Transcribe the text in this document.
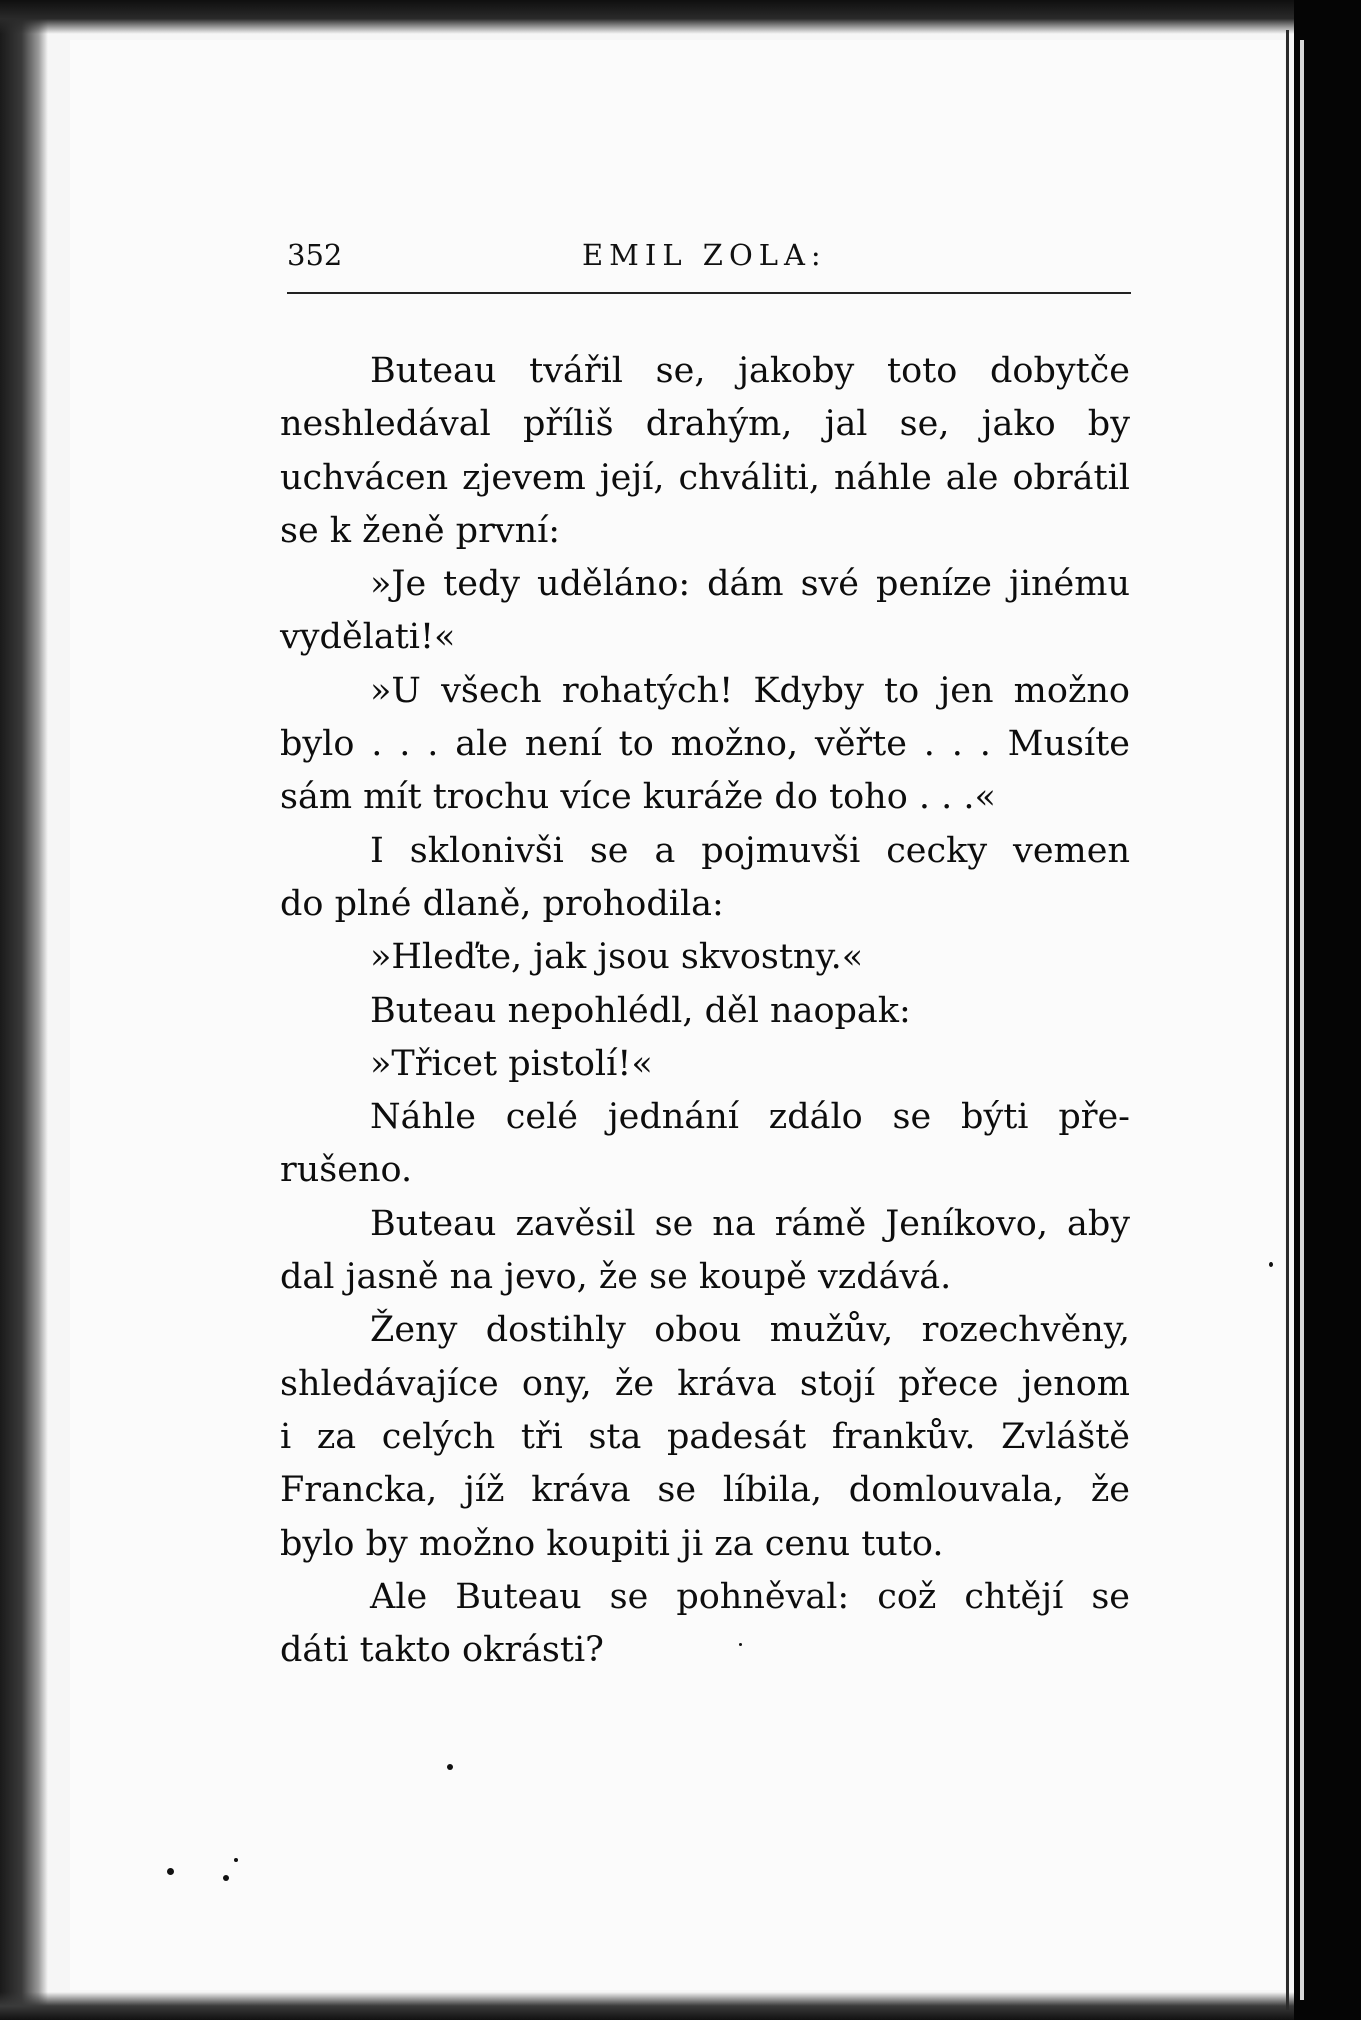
352	EMIL ZOLA:
Buteau tvářil se, jakoby toto dobytče
neshledával příliš drahým, jal se, jako by
uchvácen zjevem její, chváliti, náhle ale obrátil
se k ženě první:
»Je tedy uděláno: dám své peníze jinému
vydělati!«
»U všech rohatých! Kdyby to jen možno
bylo . . . ale není to možno, věřte . . . Musíte
sám mít trochu více kuráže do toho . . .«
I sklonivši se a pojmuvši cecky vemen
do plné dlaně, prohodila:
»Hleďte, jak jsou skvostny.«
Buteau nepohlédl, děl naopak:
»Třicet pistolí!«
Náhle celé jednání zdálo se býti pře-
rušeno.
Buteau zavěsil se na rámě Jeníkovo, aby
dal jasně na jevo, že se koupě vzdává.
Ženy dostihly obou mužův, rozechvěny,
shledávajíce ony, že kráva stojí přece jenom
i za celých tři sta padesát frankův. Zvláště
Francka, jíž kráva se líbila, domlouvala, že
bylo by možno koupiti ji za cenu tuto.
Ale Buteau se pohněval: což chtějí se
dáti takto okrásti?
